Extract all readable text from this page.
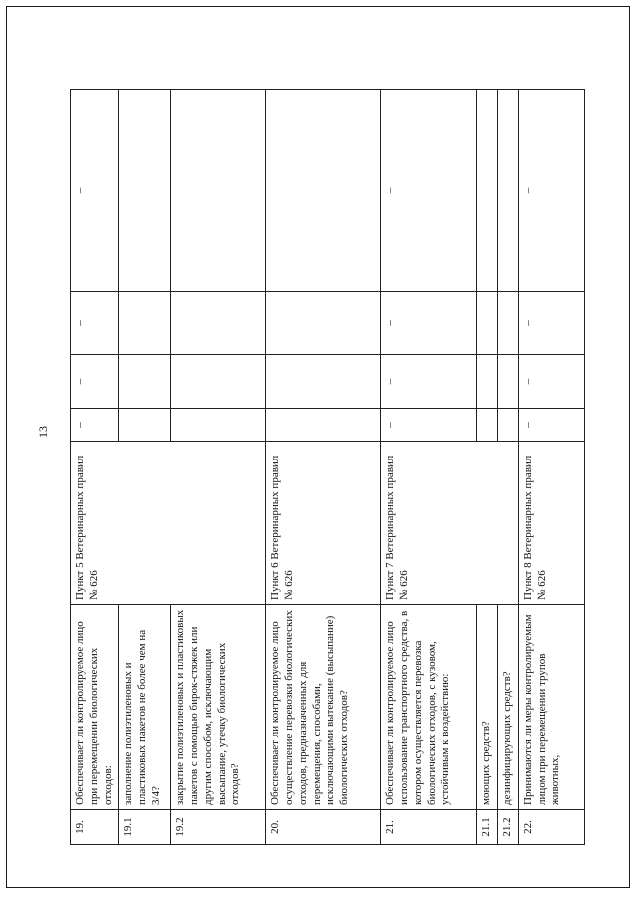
13
19.	Обеспечивает ли контролируемое лицо при перемещении биологических отходов:	Пункт 5 Ветеринарных правил № 626	–	–	–	–
19.1	заполнение полиэтиленовых и пластиковых пакетов не более чем на 3/4?					
19.2	закрытие полиэтиленовых и пластиковых пакетов с помощью бирок-стяжек или другим способом, исключающим высыпание, утечку биологических отходов?					
20.	Обеспечивает ли контролируемое лицо осуществление перевозки биологических отходов, предназначенных для перемещения, способами, исключающими вытекание (высыпание) биологических отходов?	Пункт 6 Ветеринарных правил № 626				
21.	Обеспечивает ли контролируемое лицо использование транспортного средства, в котором осуществляется перевозка биологических отходов, с кузовом, устойчивым к воздействию:	Пункт 7 Ветеринарных правил № 626	–	–	–	–
21.1	моющих средств?					
21.2	дезинфицирующих средств?					
22.	Принимаются ли меры контролируемым лицом при перемещении трупов животных,	Пункт 8 Ветеринарных правил № 626	–	–	–	–
